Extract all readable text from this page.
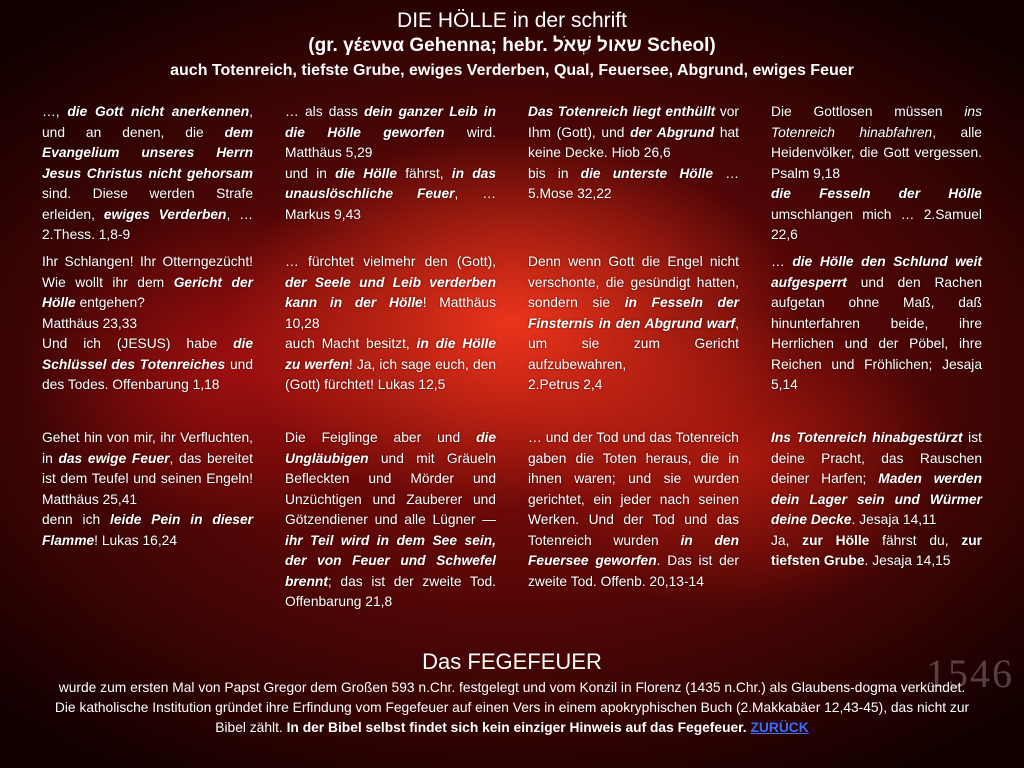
1546
DIE HÖLLE in der schrift
(gr. γέεννα Gehenna; hebr. שאול שְׁאֹל Scheol)
auch Totenreich, tiefste Grube, ewiges Verderben, Qual, Feuersee, Abgrund, ewiges Feuer
…, die Gott nicht anerkennen, und an denen, die dem Evangelium unseres Herrn Jesus Christus nicht gehorsam sind. Diese werden Strafe erleiden, ewiges Verderben, … 2.Thess. 1,8-9
… als dass dein ganzer Leib in die Hölle geworfen wird. Matthäus 5,29
und in die Hölle fährst, in das unauslöschliche Feuer, … Markus 9,43
Das Totenreich liegt enthüllt vor Ihm (Gott), und der Abgrund hat keine Decke. Hiob 26,6
bis in die unterste Hölle … 5.Mose 32,22
Die Gottlosen müssen ins Totenreich hinabfahren, alle Heidenvölker, die Gott vergessen. Psalm 9,18
die Fesseln der Hölle umschlangen mich … 2.Samuel 22,6
Ihr Schlangen! Ihr Otterngezücht! Wie wollt ihr dem Gericht der Hölle entgehen?
Matthäus 23,33
Und ich (JESUS) habe die Schlüssel des Totenreiches und des Todes. Offenbarung 1,18
… fürchtet vielmehr den (Gott), der Seele und Leib verderben kann in der Hölle! Matthäus 10,28
auch Macht besitzt, in die Hölle zu werfen! Ja, ich sage euch, den (Gott) fürchtet! Lukas 12,5
Denn wenn Gott die Engel nicht verschonte, die gesündigt hatten, sondern sie in Fesseln der Finsternis in den Abgrund warf, um sie zum Gericht aufzubewahren,
2.Petrus 2,4
… die Hölle den Schlund weit aufgesperrt und den Rachen aufgetan ohne Maß, daß hinunterfahren beide, ihre Herrlichen und der Pöbel, ihre Reichen und Fröhlichen; Jesaja 5,14
Gehet hin von mir, ihr Verfluchten, in das ewige Feuer, das bereitet ist dem Teufel und seinen Engeln! Matthäus 25,41
denn ich leide Pein in dieser Flamme! Lukas 16,24
Die Feiglinge aber und die Ungläubigen und mit Gräueln Befleckten und Mörder und Unzüchtigen und Zauberer und Götzendiener und alle Lügner — ihr Teil wird in dem See sein, der von Feuer und Schwefel brennt; das ist der zweite Tod. Offenbarung 21,8
… und der Tod und das Totenreich gaben die Toten heraus, die in ihnen waren; und sie wurden gerichtet, ein jeder nach seinen Werken. Und der Tod und das Totenreich wurden in den Feuersee geworfen. Das ist der zweite Tod. Offenb. 20,13-14
Ins Totenreich hinabgestürzt ist deine Pracht, das Rauschen deiner Harfen; Maden werden dein Lager sein und Würmer deine Decke. Jesaja 14,11
Ja, zur Hölle fährst du, zur tiefsten Grube. Jesaja 14,15
Das FEGEFEUER
wurde zum ersten Mal von Papst Gregor dem Großen 593 n.Chr. festgelegt und vom Konzil in Florenz (1435 n.Chr.) als Glaubens-dogma verkündet. Die katholische Institution gründet ihre Erfindung vom Fegefeuer auf einen Vers in einem apokryphischen Buch (2.Makkabäer 12,43-45), das nicht zur Bibel zählt. In der Bibel selbst findet sich kein einziger Hinweis auf das Fegefeuer. ZURÜCK
